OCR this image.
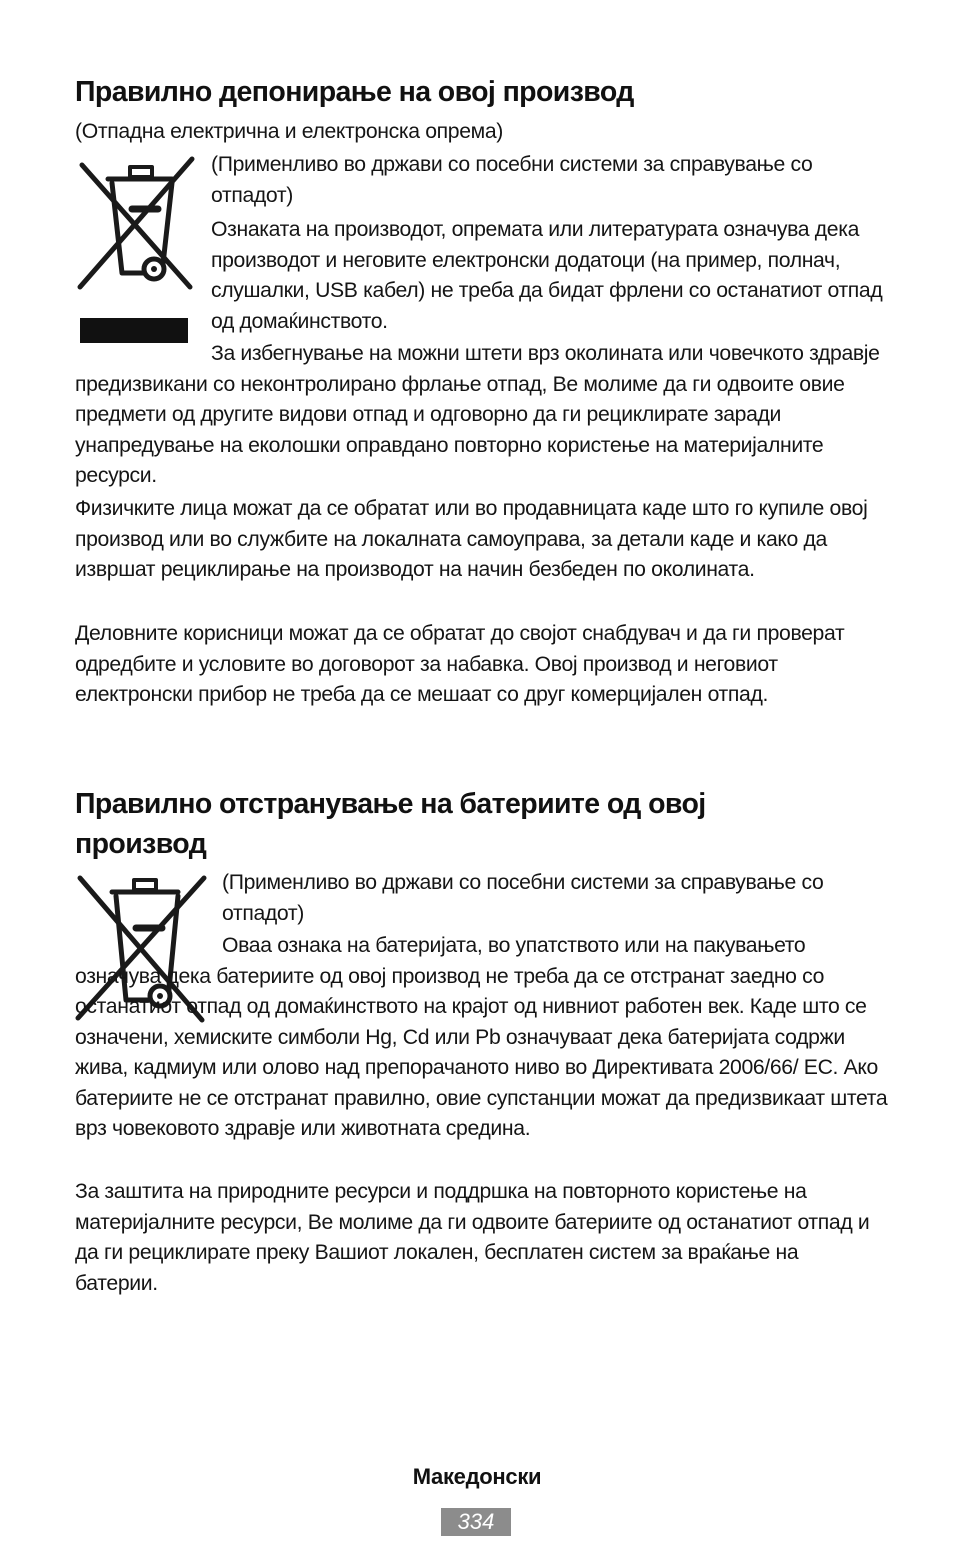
Правилно депонирање на овој производ

(Отпадна електрична и електронска опрема)

(Применливо во држави со посебни системи за справување со отпадот)

Ознаката на производот, опремата или литературата означува дека производот и неговите електронски додатоци (на пример, полнач, слушалки, USB кабел) не треба да бидат фрлени со останатиот отпад од домаќинството.

За избегнување на можни штети врз околината или човечкото здравје предизвикани со неконтролирано фрлање отпад, Ве молиме да ги одвоите овие предмети од другите видови отпад и одговорно да ги рециклирате заради унапредување на еколошки оправдано повторно користење на материјалните ресурси.

Физичките лица можат да се обратат или во продавницата каде што го купиле овој производ или во службите на локалната самоуправа, за детали каде и како да извршат рециклирање на производот на начин безбеден по околината.

Деловните корисници можат да се обратат до својот снабдувач и да ги проверат одредбите и условите во договорот за набавка. Овој производ и неговиот електронски прибор не треба да се мешаат со друг комерцијален отпад.

Правилно отстранување на батериите од овој производ

(Применливо во држави со посебни системи за справување со отпадот)

Оваа ознака на батеријата, во упатството или на пакувањето означува дека батериите од овој производ не треба да се отстранат заедно со останатиот отпад од домаќинството на крајот од нивниот работен век. Каде што се означени, хемиските симболи Hg, Cd или Pb означуваат дека батеријата содржи жива, кадмиум или олово над препорачаното ниво во Директивата 2006/66/ ЕС. Ако батериите не се отстранат правилно, овие супстанции можат да предизвикаат штета врз човековото здравје или животната средина.

За заштита на природните ресурси и поддршка на повторното користење на материјалните ресурси, Ве молиме да ги одвоите батериите од останатиот отпад и да ги рециклирате преку Вашиот локален, бесплатен систем за враќање на батерии.

Македонски
334
